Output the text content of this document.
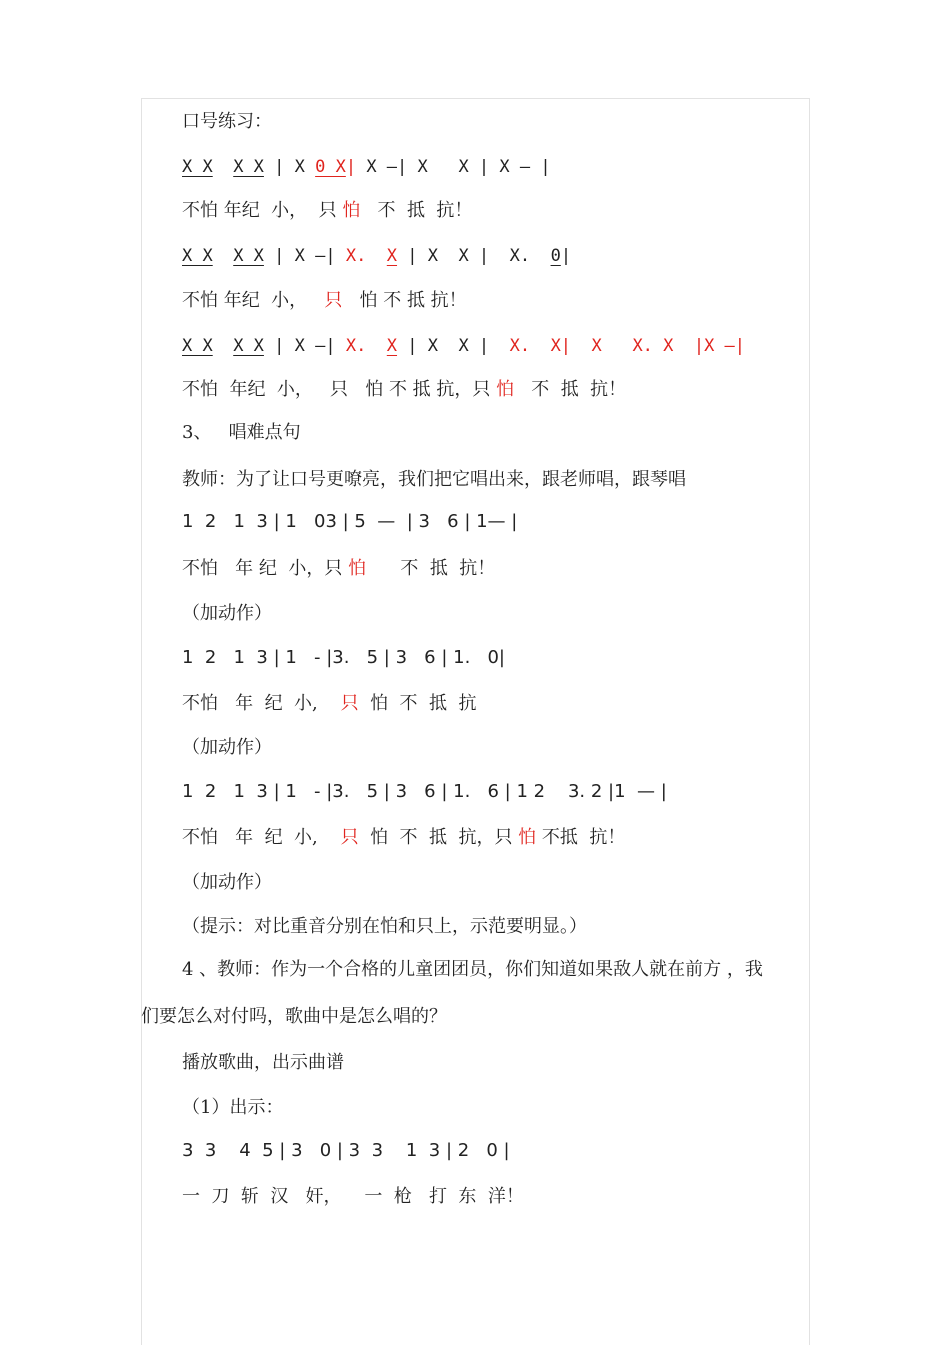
口号练习：
X X X X | X 0 X| X —| X   X | X — |
不怕 年纪  小，  只 怕   不  抵  抗！
X X X X | X —| X.  X | X  X |  X.  0|
不怕 年纪  小，   只   怕 不 抵 抗！
X X X X | X —| X.  X | X  X |  X.  X|  X   X. X  |X —|
不怕  年纪  小，   只   怕 不 抵 抗，只 怕   不  抵  抗！
3、   唱难点句
教师：为了让口号更嘹亮，我们把它唱出来，跟老师唱，跟琴唱
1  2   1  3 | 1   03 | 5  —  | 3   6 | 1— |
不怕   年 纪  小，只 怕      不  抵  抗！
（加动作）
1  2   1  3 | 1   - |3.   5 | 3   6 | 1.   0|
不怕   年  纪  小,    只  怕  不  抵  抗
（加动作）
1  2   1  3 | 1   - |3.   5 | 3   6 | 1.   6 | 1 2    3. 2 |1  — |
不怕   年  纪  小,    只  怕  不  抵  抗，只 怕 不抵  抗！
（加动作）
（提示：对比重音分别在怕和只上，示范要明显。）
4 、教师：作为一个合格的儿童团团员，你们知道如果敌人就在前方 ，我
们要怎么对付吗，歌曲中是怎么唱的？
播放歌曲，出示曲谱
（1）出示：
3  3    4  5 | 3   0 | 3  3    1  3 | 2   0 |
一  刀  斩  汉   奸，    一  枪   打  东  洋！
